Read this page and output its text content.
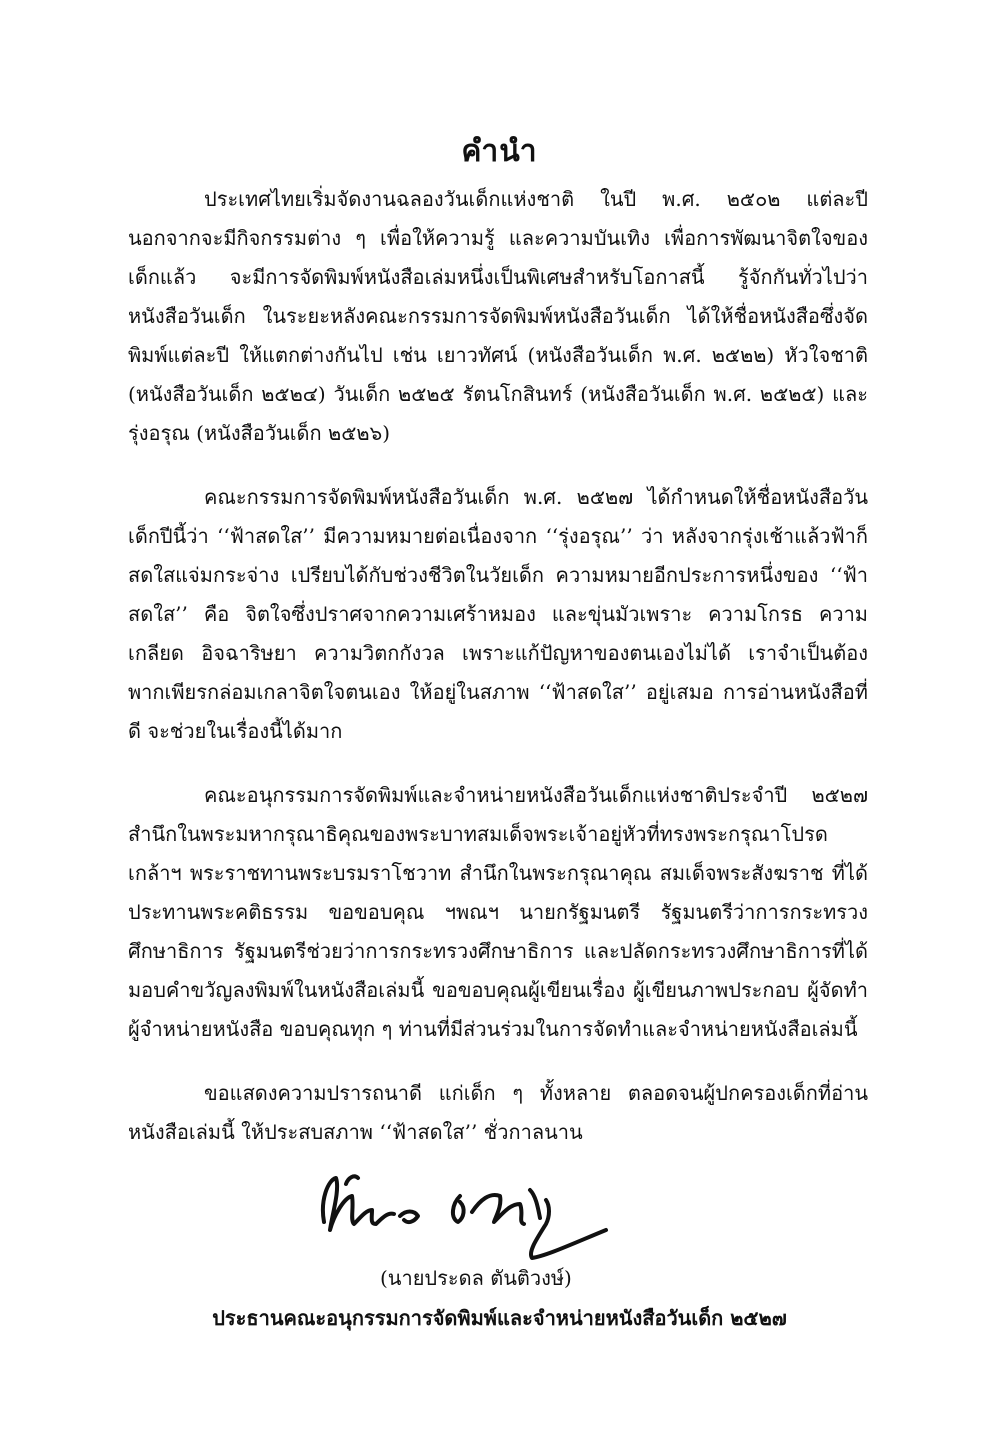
คำนำ

ประเทศไทยเริ่มจัดงานฉลองวันเด็กแห่งชาติ ในปี พ.ศ. ๒๕๐๒ แต่ละปี นอกจากจะมีกิจกรรมต่าง ๆ เพื่อให้ความรู้ และความบันเทิง เพื่อการพัฒนาจิตใจของเด็กแล้ว จะมีการจัดพิมพ์หนังสือเล่มหนึ่งเป็นพิเศษสำหรับโอกาสนี้ รู้จักกันทั่วไปว่า หนังสือวันเด็ก ในระยะหลังคณะกรรมการจัดพิมพ์หนังสือวันเด็ก ได้ให้ชื่อหนังสือซึ่งจัดพิมพ์แต่ละปี ให้แตกต่างกันไป เช่น เยาวทัศน์ (หนังสือวันเด็ก พ.ศ. ๒๕๒๒) หัวใจชาติ (หนังสือวันเด็ก ๒๕๒๔) วันเด็ก ๒๕๒๕ รัตนโกสินทร์ (หนังสือวันเด็ก พ.ศ. ๒๕๒๕) และรุ่งอรุณ (หนังสือวันเด็ก ๒๕๒๖)

คณะกรรมการจัดพิมพ์หนังสือวันเด็ก พ.ศ. ๒๕๒๗ ได้กำหนดให้ชื่อหนังสือวันเด็กปีนี้ว่า ‘‘ฟ้าสดใส’’ มีความหมายต่อเนื่องจาก ‘‘รุ่งอรุณ’’ ว่า หลังจากรุ่งเช้าแล้วฟ้าก็สดใสแจ่มกระจ่าง เปรียบได้กับช่วงชีวิตในวัยเด็ก ความหมายอีกประการหนึ่งของ ‘‘ฟ้าสดใส’’ คือ จิตใจซึ่งปราศจากความเศร้าหมอง และขุ่นมัวเพราะ ความโกรธ ความเกลียด อิจฉาริษยา ความวิตกกังวล เพราะแก้ปัญหาของตนเองไม่ได้ เราจำเป็นต้องพากเพียรกล่อมเกลาจิตใจตนเอง ให้อยู่ในสภาพ ‘‘ฟ้าสดใส’’ อยู่เสมอ การอ่านหนังสือที่ดี จะช่วยในเรื่องนี้ได้มาก

คณะอนุกรรมการจัดพิมพ์และจำหน่ายหนังสือวันเด็กแห่งชาติประจำปี ๒๕๒๗ สำนึกในพระมหากรุณาธิคุณของพระบาทสมเด็จพระเจ้าอยู่หัวที่ทรงพระกรุณาโปรดเกล้าฯ พระราชทานพระบรมราโชวาท สำนึกในพระกรุณาคุณ สมเด็จพระสังฆราช ที่ได้ประทานพระคติธรรม ขอขอบคุณ ฯพณฯ นายกรัฐมนตรี รัฐมนตรีว่าการกระทรวงศึกษาธิการ รัฐมนตรีช่วยว่าการกระทรวงศึกษาธิการ และปลัดกระทรวงศึกษาธิการที่ได้มอบคำขวัญลงพิมพ์ในหนังสือเล่มนี้ ขอขอบคุณผู้เขียนเรื่อง ผู้เขียนภาพประกอบ ผู้จัดทำ ผู้จำหน่ายหนังสือ ขอบคุณทุก ๆ ท่านที่มีส่วนร่วมในการจัดทำและจำหน่ายหนังสือเล่มนี้

ขอแสดงความปรารถนาดี แก่เด็ก ๆ ทั้งหลาย ตลอดจนผู้ปกครองเด็กที่อ่านหนังสือเล่มนี้ ให้ประสบสภาพ ‘‘ฟ้าสดใส’’ ชั่วกาลนาน

(นายประดล ตันติวงษ์)
ประธานคณะอนุกรรมการจัดพิมพ์และจำหน่ายหนังสือวันเด็ก ๒๕๒๗
